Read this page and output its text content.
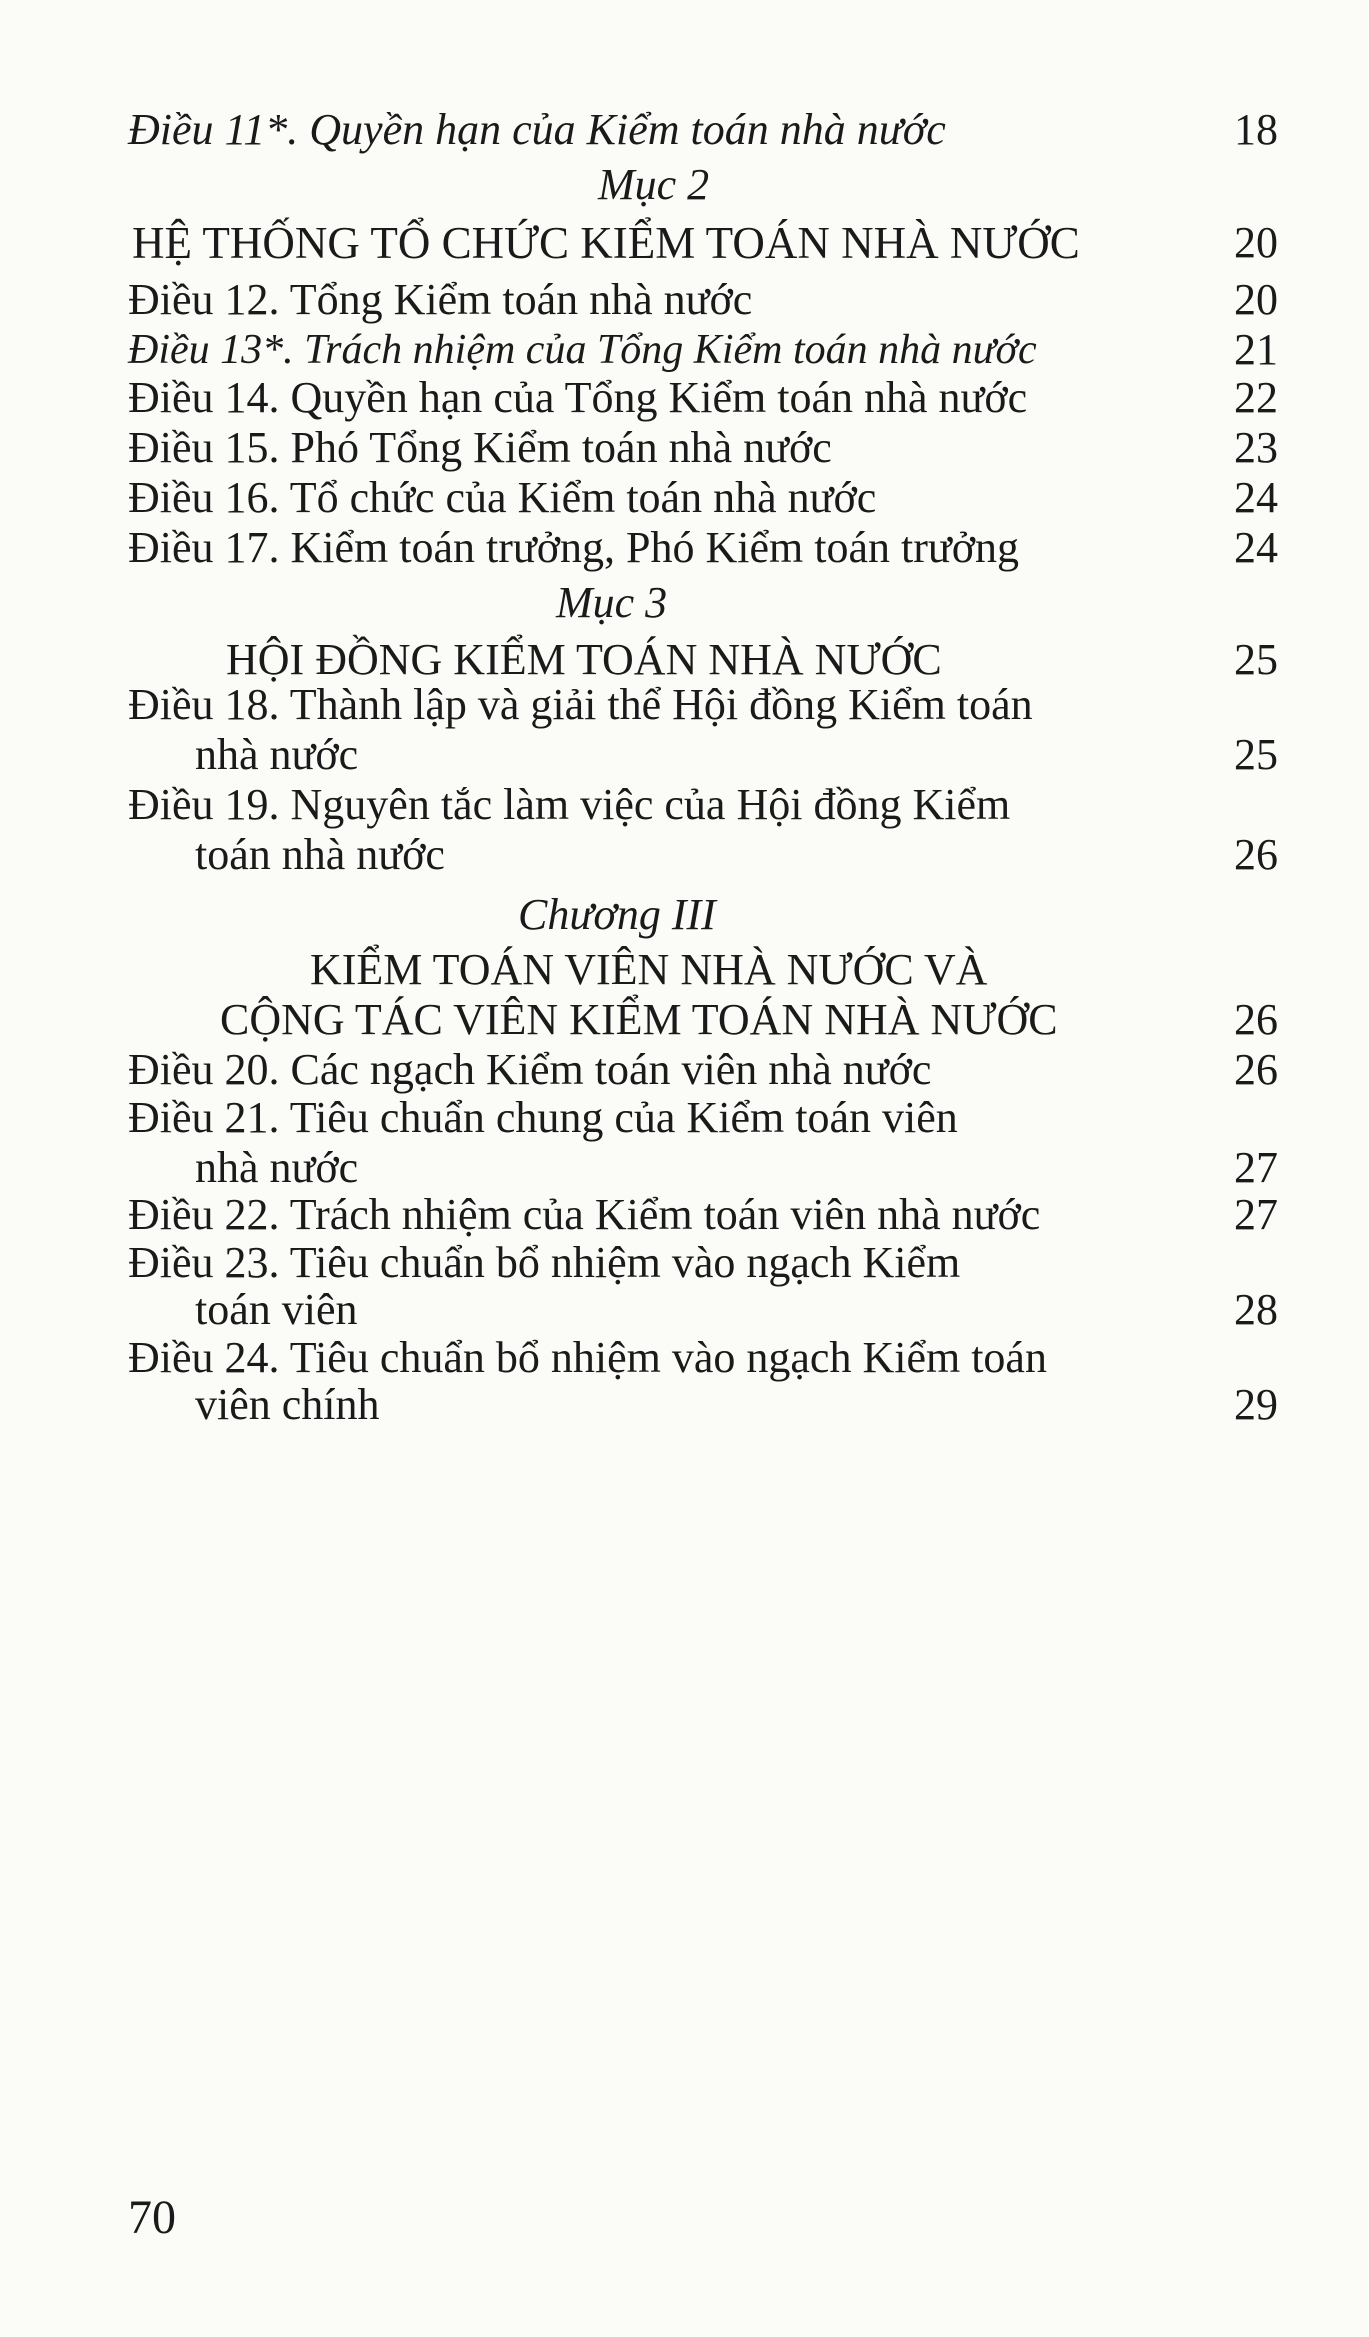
Điều 11*. Quyền hạn của Kiểm toán nhà nước	18
Mục 2
HỆ THỐNG TỔ CHỨC KIỂM TOÁN NHÀ NƯỚC	20
Điều 12. Tổng Kiểm toán nhà nước	20
Điều 13*. Trách nhiệm của Tổng Kiểm toán nhà nước	21
Điều 14. Quyền hạn của Tổng Kiểm toán nhà nước	22
Điều 15. Phó Tổng Kiểm toán nhà nước	23
Điều 16. Tổ chức của Kiểm toán nhà nước	24
Điều 17. Kiểm toán trưởng, Phó Kiểm toán trưởng	24
Mục 3
HỘI ĐỒNG KIỂM TOÁN NHÀ NƯỚC	25
Điều 18. Thành lập và giải thể Hội đồng Kiểm toán
nhà nước	25
Điều 19. Nguyên tắc làm việc của Hội đồng Kiểm
toán nhà nước	26
Chương III
KIỂM TOÁN VIÊN NHÀ NƯỚC VÀ
CỘNG TÁC VIÊN KIỂM TOÁN NHÀ NƯỚC	26
Điều 20. Các ngạch Kiểm toán viên nhà nước	26
Điều 21. Tiêu chuẩn chung của Kiểm toán viên
nhà nước	27
Điều 22. Trách nhiệm của Kiểm toán viên nhà nước	27
Điều 23. Tiêu chuẩn bổ nhiệm vào ngạch Kiểm
toán viên	28
Điều 24. Tiêu chuẩn bổ nhiệm vào ngạch Kiểm toán
viên chính	29
70
